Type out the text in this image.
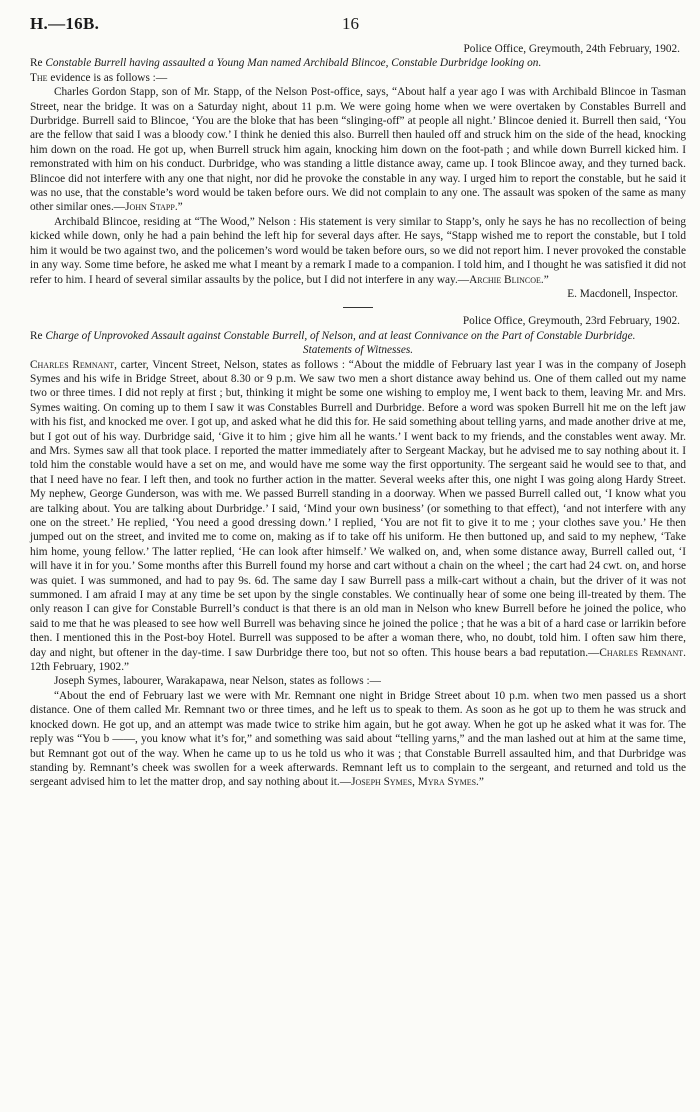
H.—16B.	16

Police Office, Greymouth, 24th February, 1902.

Re Constable Burrell having assaulted a Young Man named Archibald Blincoe, Constable Durbridge looking on.

The evidence is as follows :—

Charles Gordon Stapp, son of Mr. Stapp, of the Nelson Post-office, says, “About half a year ago I was with Archibald Blincoe in Tasman Street, near the bridge. It was on a Saturday night, about 11 p.m. We were going home when we were overtaken by Constables Burrell and Durbridge. Burrell said to Blincoe, ‘You are the bloke that has been “slinging-off” at people all night.’ Blincoe denied it. Burrell then said, ‘You are the fellow that said I was a bloody cow.’ I think he denied this also. Burrell then hauled off and struck him on the side of the head, knocking him down on the road. He got up, when Burrell struck him again, knocking him down on the foot-path ; and while down Burrell kicked him. I remonstrated with him on his conduct. Durbridge, who was standing a little distance away, came up. I took Blincoe away, and they turned back. Blincoe did not interfere with any one that night, nor did he provoke the constable in any way. I urged him to report the constable, but he said it was no use, that the constable’s word would be taken before ours. We did not complain to any one. The assault was spoken of the same as many other similar ones.—John Stapp.”

Archibald Blincoe, residing at “The Wood,” Nelson : His statement is very similar to Stapp’s, only he says he has no recollection of being kicked while down, only he had a pain behind the left hip for several days after. He says, “Stapp wished me to report the constable, but I told him it would be two against two, and the policemen’s word would be taken before ours, so we did not report him. I never provoked the constable in any way. Some time before, he asked me what I meant by a remark I made to a companion. I told him, and I thought he was satisfied it did not refer to him. I heard of several similar assaults by the police, but I did not interfere in any way.—Archie Blincoe.”

E. Macdonell, Inspector.

Police Office, Greymouth, 23rd February, 1902.

Re Charge of Unprovoked Assault against Constable Burrell, of Nelson, and at least Connivance on the Part of Constable Durbridge.

Statements of Witnesses.

Charles Remnant, carter, Vincent Street, Nelson, states as follows : “About the middle of February last year I was in the company of Joseph Symes and his wife in Bridge Street, about 8.30 or 9 p.m. We saw two men a short distance away behind us. One of them called out my name two or three times. I did not reply at first ; but, thinking it might be some one wishing to employ me, I went back to them, leaving Mr. and Mrs. Symes waiting. On coming up to them I saw it was Constables Burrell and Durbridge. Before a word was spoken Burrell hit me on the left jaw with his fist, and knocked me over. I got up, and asked what he did this for. He said something about telling yarns, and made another drive at me, but I got out of his way. Durbridge said, ‘Give it to him ; give him all he wants.’ I went back to my friends, and the constables went away. Mr. and Mrs. Symes saw all that took place. I reported the matter immediately after to Sergeant Mackay, but he advised me to say nothing about it. I told him the constable would have a set on me, and would have me some way the first opportunity. The sergeant said he would see to that, and that I need have no fear. I left then, and took no further action in the matter. Several weeks after this, one night I was going along Hardy Street. My nephew, George Gunderson, was with me. We passed Burrell standing in a doorway. When we passed Burrell called out, ‘I know what you are talking about. You are talking about Durbridge.’ I said, ‘Mind your own business’ (or something to that effect), ‘and not interfere with any one on the street.’ He replied, ‘You need a good dressing down.’ I replied, ‘You are not fit to give it to me ; your clothes save you.’ He then jumped out on the street, and invited me to come on, making as if to take off his uniform. He then buttoned up, and said to my nephew, ‘Take him home, young fellow.’ The latter replied, ‘He can look after himself.’ We walked on, and, when some distance away, Burrell called out, ‘I will have it in for you.’ Some months after this Burrell found my horse and cart without a chain on the wheel ; the cart had 24 cwt. on, and horse was quiet. I was summoned, and had to pay 9s. 6d. The same day I saw Burrell pass a milk-cart without a chain, but the driver of it was not summoned. I am afraid I may at any time be set upon by the single constables. We continually hear of some one being ill-treated by them. The only reason I can give for Constable Burrell’s conduct is that there is an old man in Nelson who knew Burrell before he joined the police, who said to me that he was pleased to see how well Burrell was behaving since he joined the police ; that he was a bit of a hard case or larrikin before then. I mentioned this in the Post-boy Hotel. Burrell was supposed to be after a woman there, who, no doubt, told him. I often saw him there, day and night, but oftener in the day-time. I saw Durbridge there too, but not so often. This house bears a bad reputation.—Charles Remnant. 12th February, 1902.”

Joseph Symes, labourer, Warakapawa, near Nelson, states as follows :—

“About the end of February last we were with Mr. Remnant one night in Bridge Street about 10 p.m. when two men passed us a short distance. One of them called Mr. Remnant two or three times, and he left us to speak to them. As soon as he got up to them he was struck and knocked down. He got up, and an attempt was made twice to strike him again, but he got away. When he got up he asked what it was for. The reply was “You b ——, you know what it’s for,” and something was said about “telling yarns,” and the man lashed out at him at the same time, but Remnant got out of the way. When he came up to us he told us who it was ; that Constable Burrell assaulted him, and that Durbridge was standing by. Remnant’s cheek was swollen for a week afterwards. Remnant left us to complain to the sergeant, and returned and told us the sergeant advised him to let the matter drop, and say nothing about it.—Joseph Symes, Myra Symes.”
